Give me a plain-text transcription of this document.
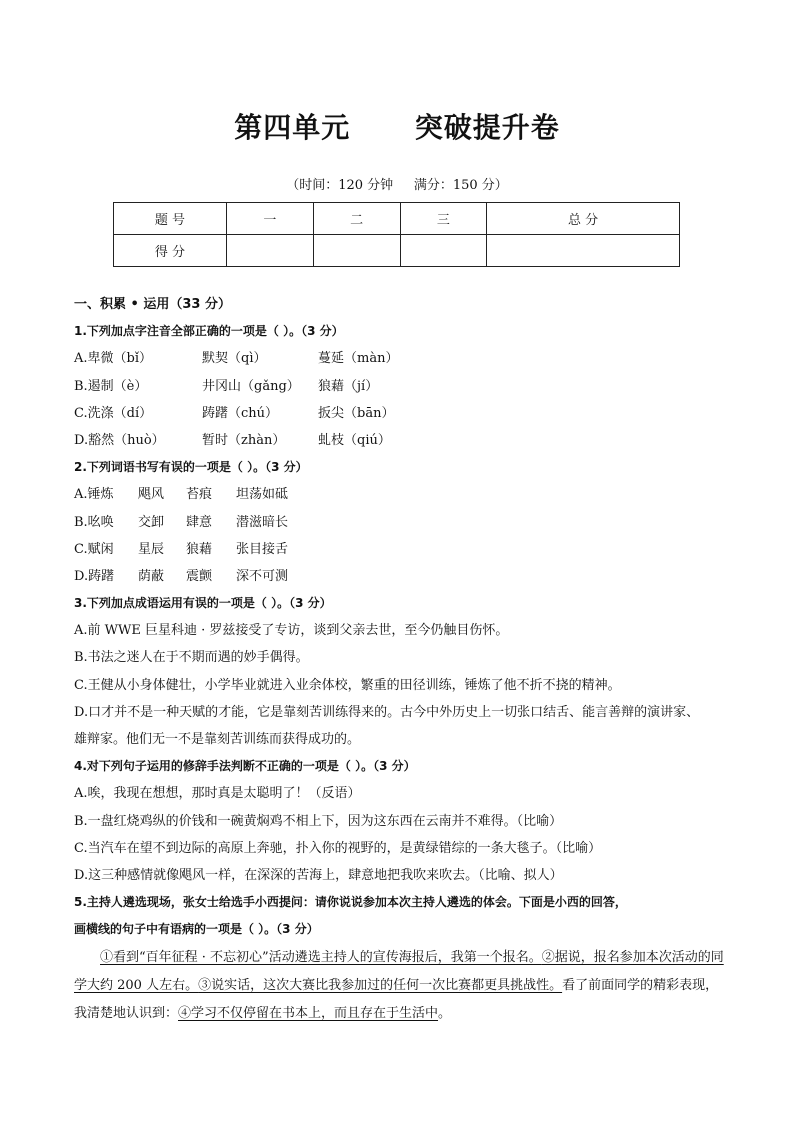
第四单元      突破提升卷
（时间：120 分钟     满分：150 分）
题 号	一	二	三	总 分
得 分				
一、积累 • 运用（33 分）
1.下列加点字注音全部正确的一项是（ ）。（3 分）
A.卑微（bǐ）	默契（qì）	蔓延（màn）
B.遏制（è）	井冈山（gǎng） 狼藉（jí）
C.洗涤（dí）	踌躇（chú）	扳尖（bān）
D.豁然（huò）	暂时（zhàn）	虬枝（qiú）
2.下列词语书写有误的一项是（ ）。（3 分）
A.锤炼 飓风 苔痕 坦荡如砥
B.吆唤 交卸 肆意 潜滋暗长
C.赋闲 星辰 狼藉 张目接舌
D.踌躇 荫蔽 震颤 深不可测
3.下列加点成语运用有误的一项是（ ）。（3 分）
A.前 WWE 巨星科迪 · 罗兹接受了专访，谈到父亲去世，至今仍触目伤怀。
B.书法之迷人在于不期而遇的妙手偶得。
C.王健从小身体健壮，小学毕业就进入业余体校，繁重的田径训练，锤炼了他不折不挠的精神。
D.口才并不是一种天赋的才能，它是靠刻苦训练得来的。古今中外历史上一切张口结舌、能言善辩的演讲家、
雄辩家。他们无一不是靠刻苦训练而获得成功的。
4.对下列句子运用的修辞手法判断不正确的一项是（ ）。（3 分）
A.唉，我现在想想，那时真是太聪明了！（反语）
B.一盘红烧鸡纵的价钱和一碗黄焖鸡不相上下，因为这东西在云南并不难得。（比喻）
C.当汽车在望不到边际的高原上奔驰，扑入你的视野的，是黄绿错综的一条大毯子。（比喻）
D.这三种感情就像飓风一样，在深深的苦海上，肆意地把我吹来吹去。（比喻、拟人）
5.主持人遴选现场，张女士给选手小西提问：请你说说参加本次主持人遴选的体会。下面是小西的回答，
画横线的句子中有语病的一项是（ ）。（3 分）
①看到“百年征程 · 不忘初心”活动遴选主持人的宣传海报后，我第一个报名。②据说，报名参加本次活动的同学大约 200 人左右。③说实话，这次大赛比我参加过的任何一次比赛都更具挑战性。看了前面同学的精彩表现，我清楚地认识到：④学习不仅停留在书本上，而且存在于生活中。
